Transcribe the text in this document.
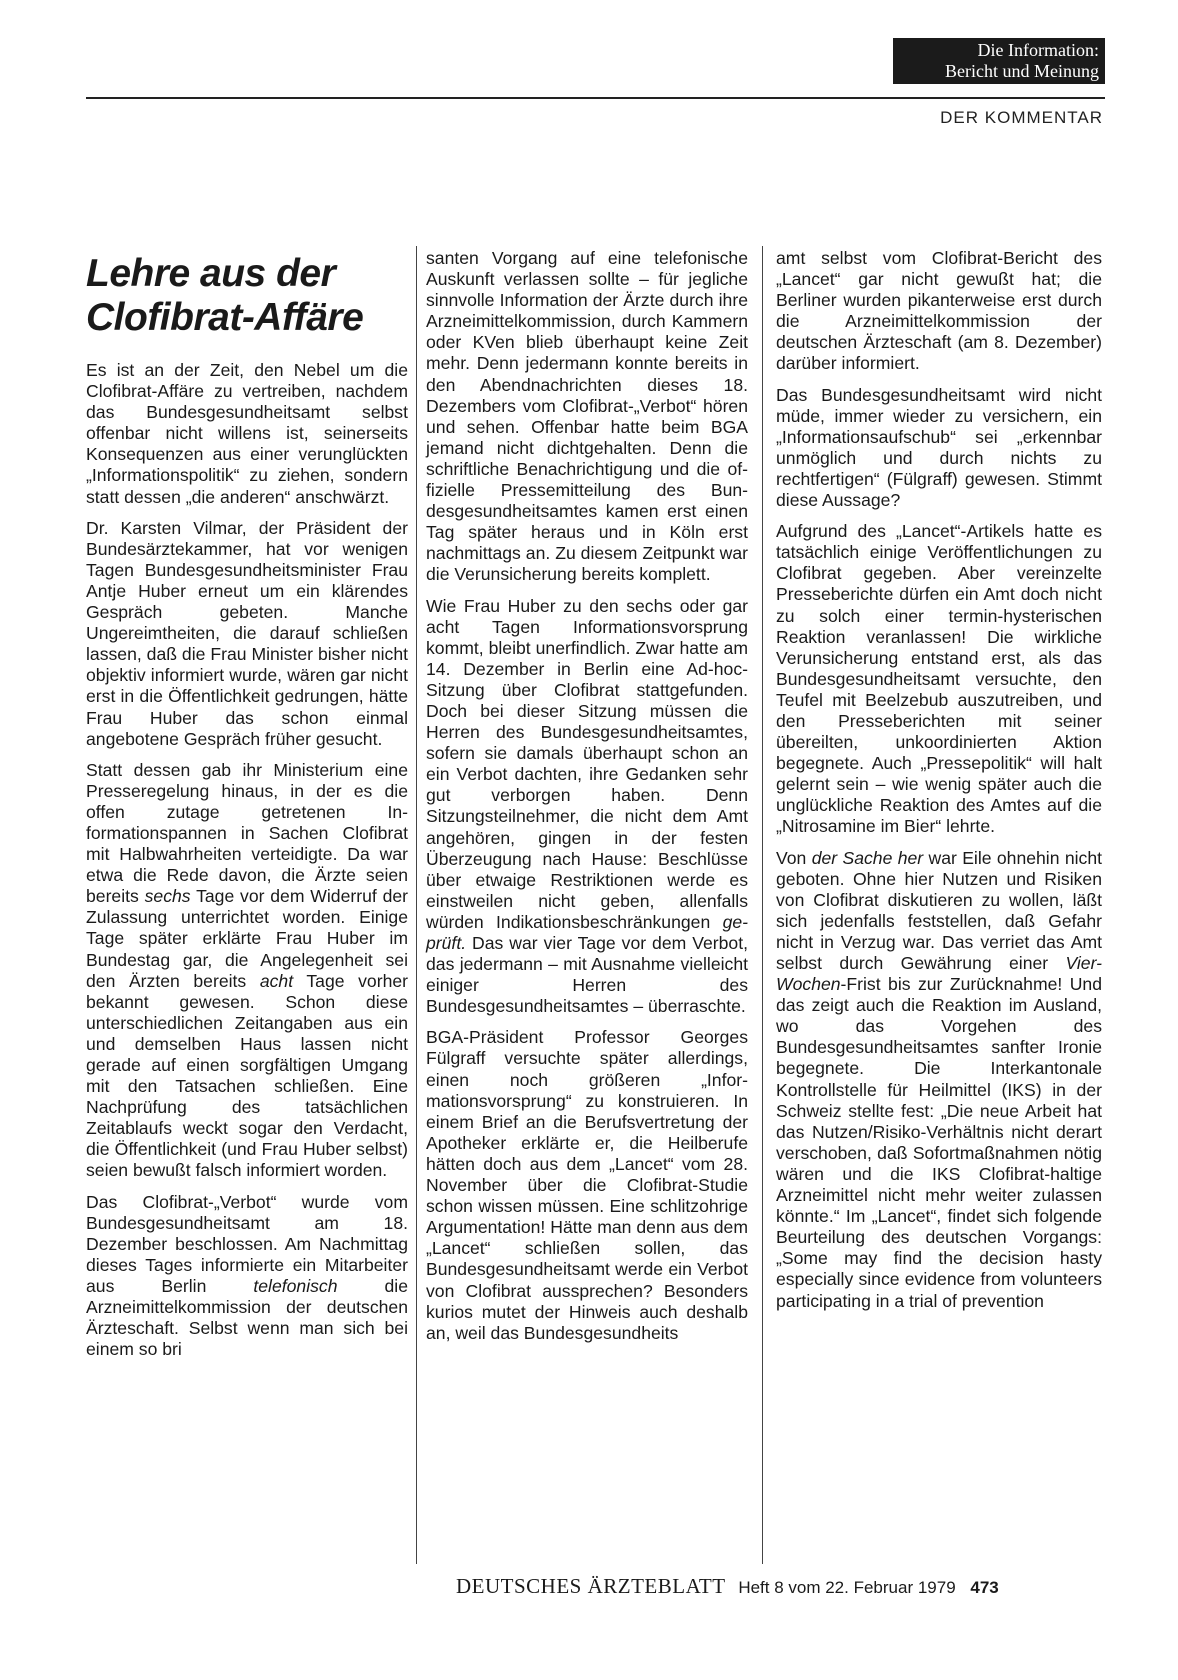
Die Information:
Bericht und Meinung
DER KOMMENTAR
Lehre aus der
Clofibrat-Affäre

Es ist an der Zeit, den Nebel um die Clofibrat-Affäre zu vertreiben, nachdem das Bundesgesundheitsamt selbst offenbar nicht willens ist, seinerseits Konsequenzen aus einer verunglückten „Informationspolitik“ zu ziehen, sondern statt dessen „die anderen“ anschwärzt.

Dr. Karsten Vilmar, der Präsident der Bundesärztekammer, hat vor wenigen Tagen Bundesgesundheitsminister Frau Antje Huber erneut um ein klärendes Gespräch gebeten. Manche Ungereimtheiten, die darauf schließen lassen, daß die Frau Minister bisher nicht objektiv informiert wurde, wären gar nicht erst in die Öffentlichkeit gedrungen, hätte Frau Huber das schon einmal angebotene Gespräch früher gesucht.

Statt dessen gab ihr Ministerium eine Presseregelung hinaus, in der es die offen zutage getretenen Informationspannen in Sachen Clofibrat mit Halbwahrheiten verteidigte. Da war etwa die Rede davon, die Ärzte seien bereits sechs Tage vor dem Widerruf der Zulassung unterrichtet worden. Einige Tage später erklärte Frau Huber im Bundestag gar, die Angelegenheit sei den Ärzten bereits acht Tage vorher bekannt gewesen. Schon diese unterschiedlichen Zeitangaben aus ein und demselben Haus lassen nicht gerade auf einen sorgfältigen Umgang mit den Tatsachen schließen. Eine Nachprüfung des tatsächlichen Zeitablaufs weckt sogar den Verdacht, die Öffentlichkeit (und Frau Huber selbst) seien bewußt falsch informiert worden.

Das Clofibrat-„Verbot“ wurde vom Bundesgesundheitsamt am 18. Dezember beschlossen. Am Nachmittag dieses Tages informierte ein Mitarbeiter aus Berlin	telefonisch	die Arzneimittelkommission der deutschen Ärzteschaft. Selbst wenn man sich bei einem so bri

santen Vorgang auf eine telefonische Auskunft verlassen sollte – für jegliche sinnvolle Information der Ärzte durch ihre Arzneimittelkommission, durch Kammern oder KVen blieb überhaupt keine Zeit mehr. Denn jedermann konnte bereits in den Abendnachrichten dieses 18. Dezembers vom Clofibrat-„Verbot“ hören und sehen. Offenbar hatte beim BGA jemand nicht dichtgehalten. Denn die schriftliche Benachrichtigung und die offizielle Pressemitteilung des Bundesgesundheitsamtes kamen erst einen Tag später heraus und in Köln erst nachmittags an. Zu diesem Zeitpunkt war die Verunsicherung bereits komplett.

Wie Frau Huber zu den sechs oder gar acht Tagen Informationsvorsprung kommt, bleibt unerfindlich. Zwar hatte am 14. Dezember in Berlin eine Ad-hoc-Sitzung über Clofibrat stattgefunden. Doch bei dieser Sitzung müssen die Herren des Bundesgesundheitsamtes, sofern sie damals überhaupt schon an ein Verbot dachten, ihre Gedanken sehr gut verborgen haben. Denn Sitzungsteilnehmer, die nicht dem Amt angehören, gingen in der festen Überzeugung nach Hause: Beschlüsse über etwaige Restriktionen werde es einstweilen nicht geben, allenfalls würden Indikationsbeschränkungen geprüft. Das war vier Tage vor dem Verbot, das jedermann – mit Ausnahme vielleicht einiger Herren des Bundesgesundheitsamtes – überraschte.

BGA-Präsident Professor Georges Fülgraff versuchte später allerdings, einen noch größeren „Informationsvorsprung“ zu konstruieren. In einem Brief an die Berufsvertretung der Apotheker erklärte er, die Heilberufe hätten doch aus dem „Lancet“ vom 28. November über die Clofibrat-Studie schon wissen müssen. Eine schlitzohrige Argumentation! Hätte man denn aus dem „Lancet“ schließen sollen, das Bundesgesundheitsamt werde ein Verbot von Clofibrat aussprechen? Besonders kurios mutet der Hinweis auch deshalb an, weil das Bundesgesundheits

amt selbst vom Clofibrat-Bericht des „Lancet“ gar nicht gewußt hat; die Berliner wurden pikanterweise erst durch die Arzneimittelkommission der deutschen Ärzteschaft (am 8. Dezember) darüber informiert.

Das Bundesgesundheitsamt wird nicht müde, immer wieder zu versichern, ein „Informationsaufschub“ sei „erkennbar unmöglich und durch nichts zu rechtfertigen“ (Fülgraff) gewesen. Stimmt diese Aussage?

Aufgrund des „Lancet“-Artikels hatte es tatsächlich einige Veröffentlichungen zu Clofibrat gegeben. Aber vereinzelte Presseberichte dürfen ein Amt doch nicht zu solch einer termin-hysterischen Reaktion veranlassen! Die wirkliche Verunsicherung entstand erst, als das Bundesgesundheitsamt versuchte, den Teufel mit Beelzebub auszutreiben, und den Presseberichten mit seiner übereilten, unkoordinierten Aktion begegnete. Auch „Pressepolitik“ will halt gelernt sein – wie wenig später auch die unglückliche Reaktion des Amtes auf die „Nitrosamine im Bier“ lehrte.

Von der Sache her war Eile ohnehin nicht geboten. Ohne hier Nutzen und Risiken von Clofibrat diskutieren zu wollen, läßt sich jedenfalls feststellen, daß Gefahr nicht in Verzug war. Das verriet das Amt selbst durch Gewährung einer Vier-Wochen-Frist bis zur Zurücknahme! Und das zeigt auch die Reaktion im Ausland, wo das Vorgehen des Bundesgesundheitsamtes sanfter Ironie begegnete. Die Interkantonale Kontrollstelle für Heilmittel (IKS) in der Schweiz stellte fest: „Die neue Arbeit hat das Nutzen/Risiko-Verhältnis nicht derart verschoben, daß Sofortmaßnahmen nötig wären und die IKS Clofibrat-haltige Arzneimittel nicht mehr weiter zulassen könnte.“ Im „Lancet“, findet sich folgende Beurteilung des deutschen Vorgangs: „Some may find the decision hasty especially since evidence from volunteers participating in a trial of prevention

DEUTSCHES ÄRZTEBLATT Heft 8 vom 22. Februar 1979 473
